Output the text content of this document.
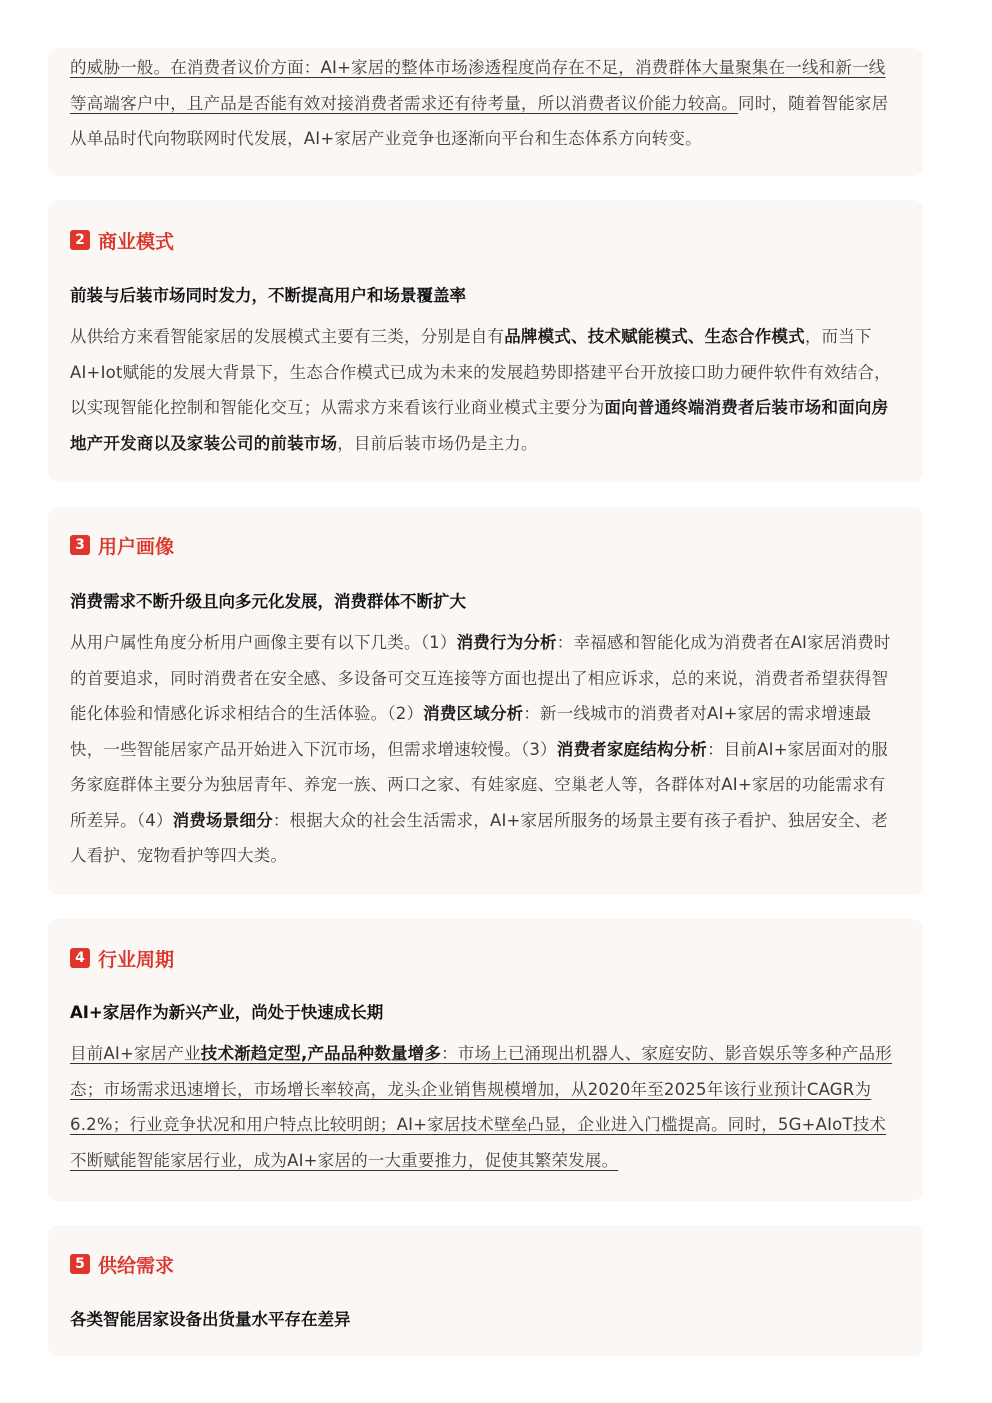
的威胁一般。在消费者议价方面：AI+家居的整体市场渗透程度尚存在不足，消费群体大量聚集在一线和新一线等高端客户中，且产品是否能有效对接消费者需求还有待考量，所以消费者议价能力较高。同时，随着智能家居从单品时代向物联网时代发展，AI+家居产业竞争也逐渐向平台和生态体系方向转变。

2 商业模式

前装与后装市场同时发力，不断提高用户和场景覆盖率

从供给方来看智能家居的发展模式主要有三类，分别是自有品牌模式、技术赋能模式、生态合作模式，而当下AI+Iot赋能的发展大背景下，生态合作模式已成为未来的发展趋势即搭建平台开放接口助力硬件软件有效结合，以实现智能化控制和智能化交互；从需求方来看该行业商业模式主要分为面向普通终端消费者后装市场和面向房地产开发商以及家装公司的前装市场，目前后装市场仍是主力。

3 用户画像

消费需求不断升级且向多元化发展，消费群体不断扩大

从用户属性角度分析用户画像主要有以下几类。（1）消费行为分析：幸福感和智能化成为消费者在AI家居消费时的首要追求，同时消费者在安全感、多设备可交互连接等方面也提出了相应诉求，总的来说，消费者希望获得智能化体验和情感化诉求相结合的生活体验。（2）消费区域分析：新一线城市的消费者对AI+家居的需求增速最快，一些智能居家产品开始进入下沉市场，但需求增速较慢。（3）消费者家庭结构分析：目前AI+家居面对的服务家庭群体主要分为独居青年、养宠一族、两口之家、有娃家庭、空巢老人等，各群体对AI+家居的功能需求有所差异。（4）消费场景细分：根据大众的社会生活需求，AI+家居所服务的场景主要有孩子看护、独居安全、老人看护、宠物看护等四大类。

4 行业周期

AI+家居作为新兴产业，尚处于快速成长期

目前AI+家居产业技术渐趋定型,产品品种数量增多：市场上已涌现出机器人、家庭安防、影音娱乐等多种产品形态；市场需求迅速增长，市场增长率较高，龙头企业销售规模增加，从2020年至2025年该行业预计CAGR为6.2%；行业竞争状况和用户特点比较明朗；AI+家居技术壁垒凸显，企业进入门槛提高。同时，5G+AIoT技术不断赋能智能家居行业，成为AI+家居的一大重要推力，促使其繁荣发展。

5 供给需求

各类智能居家设备出货量水平存在差异
